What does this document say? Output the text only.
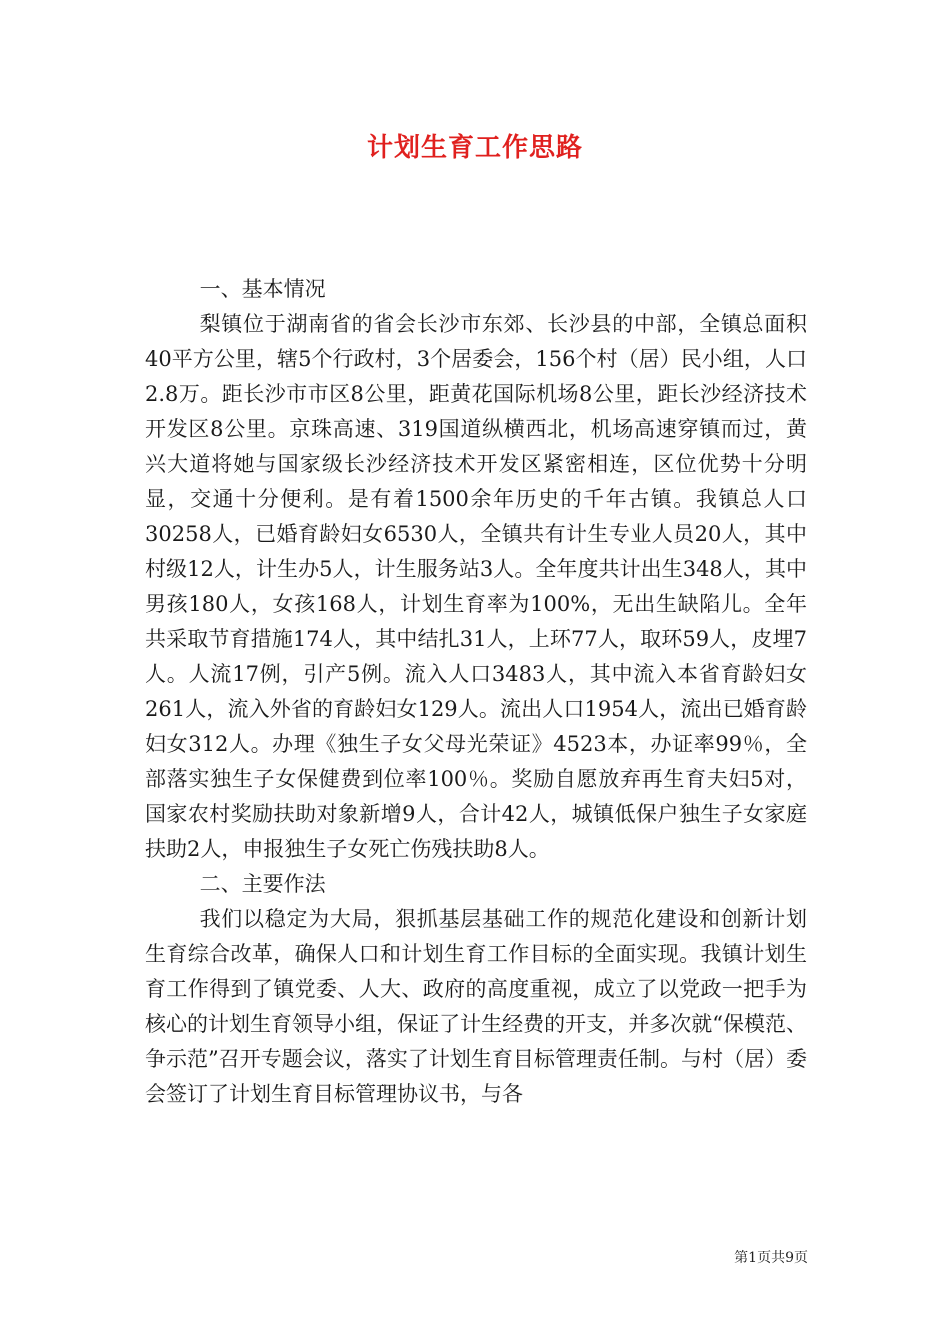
计划生育工作思路

一、基本情况

梨镇位于湖南省的省会长沙市东郊、长沙县的中部，全镇总面积40平方公里，辖5个行政村，3个居委会，156个村（居）民小组，人口2.8万。距长沙市市区8公里，距黄花国际机场8公里，距长沙经济技术开发区8公里。京珠高速、319国道纵横西北，机场高速穿镇而过，黄兴大道将她与国家级长沙经济技术开发区紧密相连，区位优势十分明显，交通十分便利。是有着1500余年历史的千年古镇。我镇总人口30258人，已婚育龄妇女6530人，全镇共有计生专业人员20人，其中村级12人，计生办5人，计生服务站3人。全年度共计出生348人，其中男孩180人，女孩168人，计划生育率为100%，无出生缺陷儿。全年共采取节育措施174人，其中结扎31人，上环77人，取环59人，皮埋7人。人流17例，引产5例。流入人口3483人，其中流入本省育龄妇女261人，流入外省的育龄妇女129人。流出人口1954人，流出已婚育龄妇女312人。办理《独生子女父母光荣证》4523本，办证率99％，全部落实独生子女保健费到位率100％。奖励自愿放弃再生育夫妇5对，国家农村奖励扶助对象新增9人，合计42人，城镇低保户独生子女家庭扶助2人，申报独生子女死亡伤残扶助8人。

二、主要作法

我们以稳定为大局，狠抓基层基础工作的规范化建设和创新计划生育综合改革，确保人口和计划生育工作目标的全面实现。我镇计划生育工作得到了镇党委、人大、政府的高度重视，成立了以党政一把手为核心的计划生育领导小组，保证了计生经费的开支，并多次就“保模范、争示范”召开专题会议，落实了计划生育目标管理责任制。与村（居）委会签订了计划生育目标管理协议书，与各

第1页共9页
